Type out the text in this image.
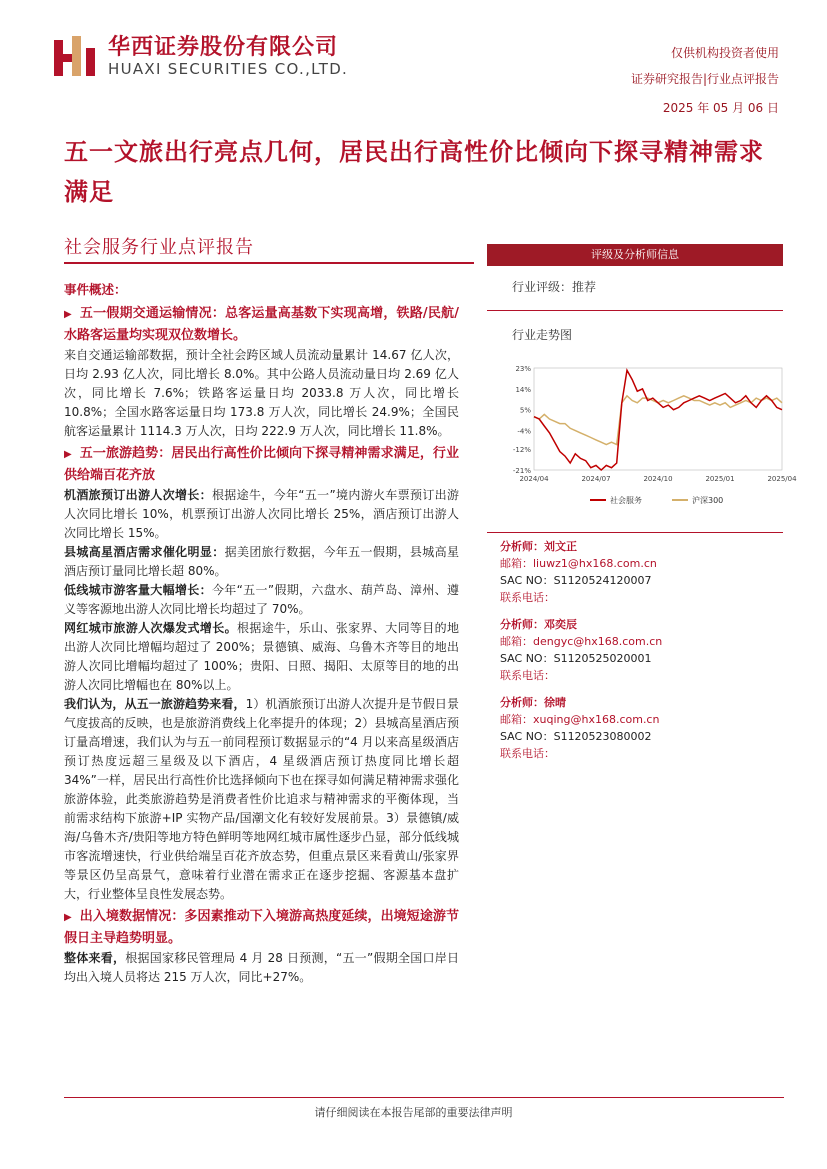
华西证券股份有限公司
HUAXI SECURITIES CO.,LTD.
仅供机构投资者使用
证券研究报告|行业点评报告
2025 年 05 月 06 日
五一文旅出行亮点几何，居民出行高性价比倾向下探寻精神需求满足
社会服务行业点评报告	评级及分析师信息
行业评级：推荐
行业走势图
23%
14%
5%
-4%
-12%
-21%
2024/04	2024/07	2024/10	2025/01	2025/04
社会服务	沪深300
分析师：刘文正
邮箱：liuwz1@hx168.com.cn
SAC NO：S1120524120007
联系电话：
分析师：邓奕辰
邮箱：dengyc@hx168.com.cn
SAC NO：S1120525020001
联系电话：
分析师：徐晴
邮箱：xuqing@hx168.com.cn
SAC NO：S1120523080002
联系电话：

事件概述：

▶ 五一假期交通运输情况：总客运量高基数下实现高增，铁路/民航/水路客运量均实现双位数增长。

来自交通运输部数据，预计全社会跨区域人员流动量累计 14.67 亿人次，日均 2.93 亿人次，同比增长 8.0%。其中公路人员流动量日均 2.69 亿人次，同比增长 7.6%；铁路客运量日均 2033.8 万人次，同比增长 10.8%；全国水路客运量日均 173.8 万人次，同比增长 24.9%；全国民航客运量累计 1114.3 万人次，日均 222.9 万人次，同比增长 11.8%。

▶ 五一旅游趋势：居民出行高性价比倾向下探寻精神需求满足，行业供给端百花齐放

机酒旅预订出游人次增长：根据途牛，今年“五一”境内游火车票预订出游人次同比增长 10%，机票预订出游人次同比增长 25%，酒店预订出游人次同比增长 15%。

县城高星酒店需求催化明显：据美团旅行数据，今年五一假期，县城高星酒店预订量同比增长超 80%。

低线城市游客量大幅增长：今年“五一”假期，六盘水、葫芦岛、漳州、遵义等客源地出游人次同比增长均超过了 70%。

网红城市旅游人次爆发式增长。根据途牛，乐山、张家界、大同等目的地出游人次同比增幅均超过了 200%；景德镇、威海、乌鲁木齐等目的地出游人次同比增幅均超过了 100%；贵阳、日照、揭阳、太原等目的地的出游人次同比增幅也在 80%以上。

我们认为，从五一旅游趋势来看，1）机酒旅预订出游人次提升是节假日景气度拔高的反映，也是旅游消费线上化率提升的体现；2）县城高星酒店预订量高增速，我们认为与五一前同程预订数据显示的“4 月以来高星级酒店预订热度远超三星级及以下酒店，4 星级酒店预订热度同比增长超 34%”一样，居民出行高性价比选择倾向下也在探寻如何满足精神需求强化旅游体验，此类旅游趋势是消费者性价比追求与精神需求的平衡体现，当前需求结构下旅游+IP 实物产品/国潮文化有较好发展前景。3）景德镇/威海/乌鲁木齐/贵阳等地方特色鲜明等地网红城市属性逐步凸显，部分低线城市客流增速快，行业供给端呈百花齐放态势，但重点景区来看黄山/张家界等景区仍呈高景气，意味着行业潜在需求正在逐步挖掘、客源基本盘扩大，行业整体呈良性发展态势。

▶ 出入境数据情况：多因素推动下入境游高热度延续，出境短途游节假日主导趋势明显。

整体来看，根据国家移民管理局 4 月 28 日预测，“五一”假期全国口岸日均出入境人员将达 215 万人次，同比+27%。

请仔细阅读在本报告尾部的重要法律声明
